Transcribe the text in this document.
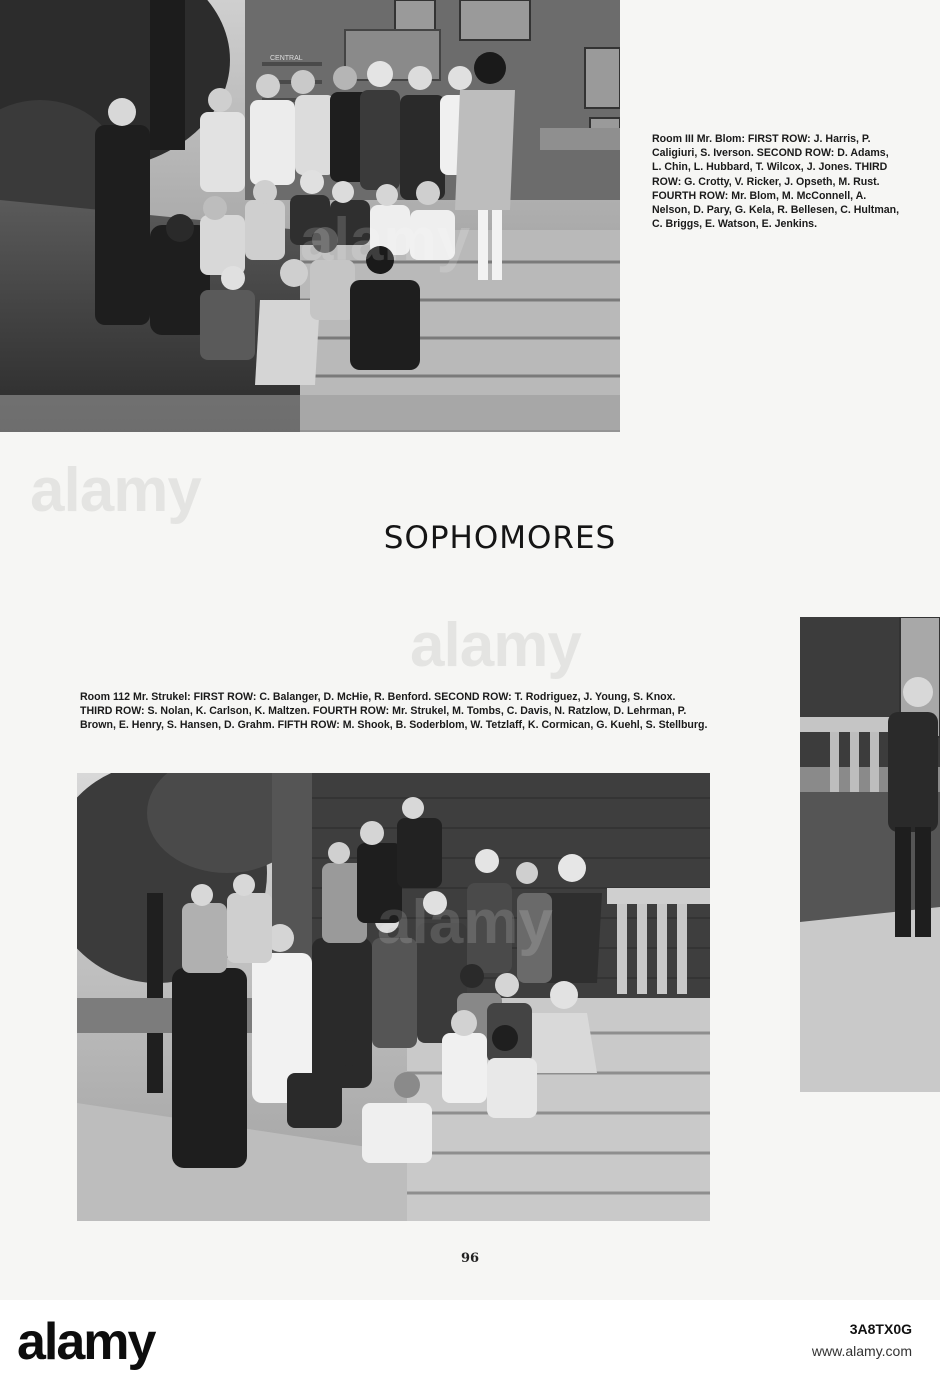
CENTRAL
alamy
Room III Mr. Blom: FIRST ROW: J. Harris, P. Caligiuri, S. Iverson. SECOND ROW: D. Adams, L. Chin, L. Hubbard, T. Wilcox, J. Jones. THIRD ROW: G. Crotty, V. Ricker, J. Opseth, M. Rust. FOURTH ROW: Mr. Blom, M. McConnell, A. Nelson, D. Pary, G. Kela, R. Bellesen, C. Hultman, C. Briggs, E. Watson, E. Jenkins.
SOPHOMORES
alamy
alamy
Room 112 Mr. Strukel: FIRST ROW: C. Balanger, D. McHie, R. Benford. SECOND ROW: T. Rodriguez, J. Young, S. Knox. THIRD ROW: S. Nolan, K. Carlson, K. Maltzen. FOURTH ROW: Mr. Strukel, M. Tombs, C. Davis, N. Ratzlow, D. Lehrman, P. Brown, E. Henry, S. Hansen, D. Grahm. FIFTH ROW: M. Shook, B. Soderblom, W. Tetzlaff, K. Cormican, G. Kuehl, S. Stellburg.
alamy
96
alamy	3A8TX0G
www.alamy.com
